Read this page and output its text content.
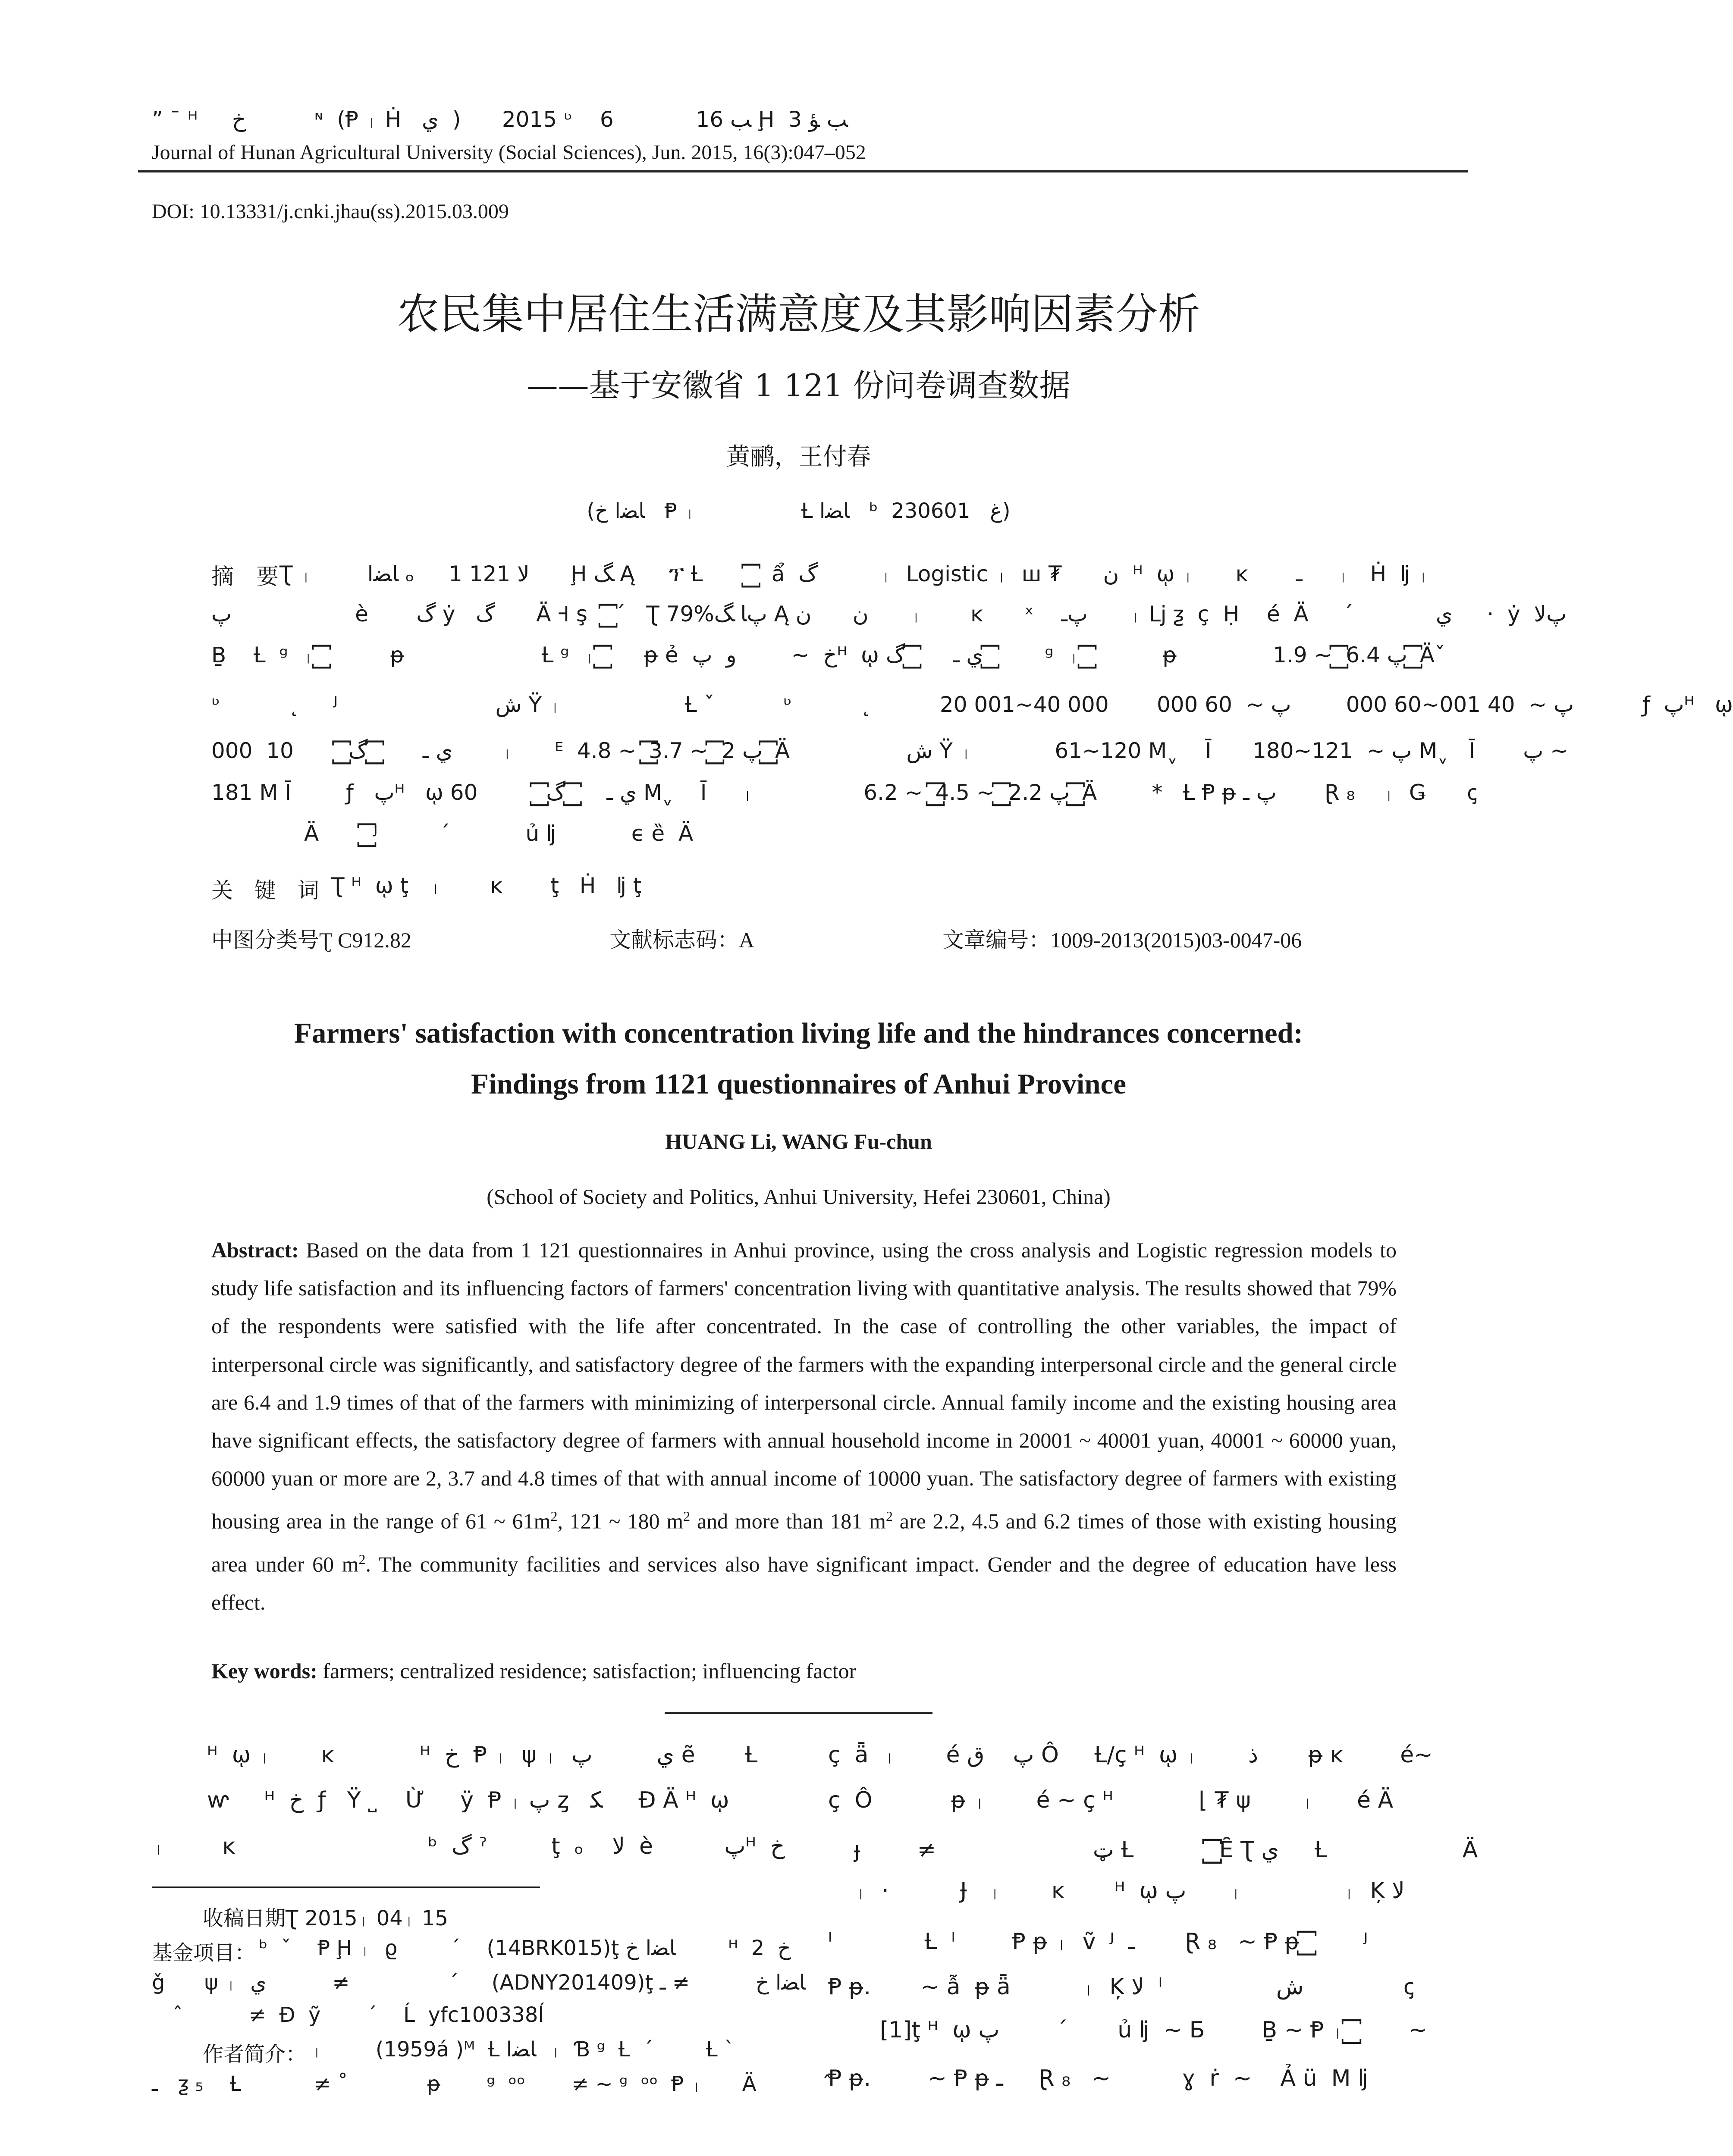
” ¯ ᴴ     ﺥ          ᶰ  (Ᵽ ᛧ Ḣ   ي  )      2015 ᶹ    6            ﺐ 16 Ḩ  ﺐ ﺆ 3
Journal of Hunan Agricultural University (Social Sciences), Jun. 2015, 16(3):047–052
DOI: 10.13331/j.cnki.jhau(ss).2015.03.009
农民集中居住生活满意度及其影响因素分析
——基于安徽省 1 121 份问卷调查数据
黄鹂，王付春
(ﺎﻀﺍ ﺥ   Ᵽ ᛧ                Ƚ ﺎﻀﺍ   ᵇ  ﻍ   230601)
摘　要 Ʈ ᛧ        ﺎﻀﺍ ₒ     1 121 ﻻ      Ḩ ﮓ Ą     ፕ Ƚ       ꙱   ẩ  ﮒ         ᛧ  Logistic ᛧ  ꟺ ₮      ﻥ  ᴴ  ῳ ᛧ      ĸ       ـ     ᛧ   Ḣ  ǉ ᛧ
ﭖ                  è       ﮒ ẏ   ﮒ      Ä Ꟶ ş   ꙱ ˊ   Ʈ 79%ﭖﺎ ﮓ Ą ﻥ      ﻥ      ᛧ       ĸ      ˣ    ﭖـ      ᛧ ǈ ƺ  ç  Ḥ    é  Ä     ˊ            ﻱ     ·  ẏ  ﭖﻻ
Ḇ    Ƚ  ᵍ  ᛧ ꙱          ᵽ                    Ƚ ᵍ  ᛧ ꙱      ᵽ ẻ  ﺥ  ~        ﻭ  ﭖᴴ  ῳ ﻱ ـ      ꙱ ﮒ ꙱        ᵍ  ᛧ ꙱           ᵽ              ﭖ 6.4 ꙱ ~ 1.9 ꙱ Äˇ
ᶹ          ˛     ᴶ                       ﺵ Ÿ ᛧ                  Ƚ ˇ          ᶹ          ˛          20 001~40 000       ﭖ ~  40 001~60 000        ﭖ ~  60 000          ƒ  ﭖᴴ   ῳ
ﻱ ـ       ꙱ ﮒ ꙱       10  000       ᛧ      ᴱ  ﭖ 2 ꙱ ~ 3.7 ꙱ ~ 4.8 ꙱ Ä                 ﺵ Ÿ ᛧ            61~120 Mˬ    Ī      ﭖ ~  121~180 Mˬ   Ī       ﭖ ~
181 M Ī        ƒ   ﭖᴴ   ῳ ﻱ ـ     ꙱ ﮒ ꙱         60 Mˬ    Ī     ᛧ                ﭖ 2.2 ꙱ ~ 4.5 ꙱ ~ 6.2 ꙱ Ä        *   Ƚ Ᵽ ᵽ ﭖ ـ       Ɽ ₈    ᛧ  Ǥ      ꞔ
Ä       ꙱ ᴶ         ˊ           ủ ǉ           ϵ ȅ  Ä
关　键　词 Ʈ ᴴ  ῳ ţ   ᛧ       ĸ       ţ   Ḣ   ǉ ţ
中图分类号Ʈ C912.82	文献标志码：A	文章编号：1009-2013(2015)03-0047-06
Farmers' satisfaction with concentration living life and the hindrances concerned:
Findings from 1121 questionnaires of Anhui Province
HUANG Li, WANG Fu-chun
(School of Society and Politics, Anhui University, Hefei 230601, China)
Abstract: Based on the data from 1 121 questionnaires in Anhui province, using the cross analysis and Logistic regression models to study life satisfaction and its influencing factors of farmers' concentration living with quantitative analysis. The results showed that 79% of the respondents were satisfied with the life after concentrated. In the case of controlling the other variables, the impact of interpersonal circle was significantly, and satisfactory degree of the farmers with the expanding interpersonal circle and the general circle are 6.4 and 1.9 times of that of the farmers with minimizing of interpersonal circle. Annual family income and the existing housing area have significant effects, the satisfactory degree of farmers with annual household income in 20001 ~ 40001 yuan, 40001 ~ 60000 yuan, 60000 yuan or more are 2, 3.7 and 4.8 times of that with annual income of 10000 yuan. The satisfactory degree of farmers with existing housing area in the range of 61 ~ $61m^2$, 121 ~ 180 $m^2$ and more than 181 $m^2$ are 2.2, 4.5 and 6.2 times of those with existing housing area under 60 $m^2$. The community facilities and services also have significant impact. Gender and the degree of education have less effect.
Key words: farmers; centralized residence; satisfaction; influencing factor
ᴴ  ῳ ᛧ       ĸ            ᴴ  ﺥ  Ᵽ ᛧ  ψ ᛧ  ﻱ         ﭖ ẽ       Ƚ
ⱳ     ᴴ  ﺥ  ƒ   Ÿ ˽    Ừ     ÿ  Ᵽ ᛧ ﭖ ȥ   ﮑ     Ɖ Ä ᴴ  ῳ
ᛧ        ĸ                           ᵇ  ﮒ ˀ         ţ  ₒ    ﻻ  è          ﭖᴴ  ﺥ
收稿日期Ʈ 2015ᛧ 04ᛧ 15
基金项目： ᵇ  ˇ    Ᵽ Ḩ ᛧ  ϱ        ˊ    (14BRK015)ţ ﺎﻀﺍ ﺥ        ᴴ  ﺥ  2
ǧ      ψ ᛧ  ﻱ          ≠               ˊ     (ADNY201409)ţ ﺎﻀﺍ ﺥ          ≠ ـ
ˆ          ≠  Đ  ỹ       ˊ    Ĺ  yfc100338ĺ
作者简介： ᛧ        (1959á )ᴹ  Ƚ ﺎﻀﺍ  ᛧ  Ɓ ᵍ  Ƚ  ˊ        Ƚ ˋ
ـ   ƺ ₅    Ƚ           ≠ ˚            ᵽ       ᵍ  ᵒᵒ       ≠ ~ ᵍ  ᵒᵒ  Ᵽ ᛧ      Ä          ˆ
ç  ǟ  ᛧ       é ﭖ    ﻕ Ô     Ƚ/ç ᴴ  ῳ ᛧ       ﺫ       ᵽ ĸ        é~
ç  Ô           ᵽ ᛧ       é ~ ç ᴴ            ⌊ ₮ ψ       ᛧ      é Ä
ɟ        ≠                      ټ Ƚ           ꙱ Ȇ Ʈ ﻱ     Ƚ                   Ä
ᛧ  ·          Ɉ   ᛧ       ĸ       ᴴ  ῳ ﭖ      ᛧ              ᛧ  Ķ ﻻ
ˡ             Ƚ  ˡ        Ᵽ ᵽ ᛧ  ṽ  ᴶ  ـ       Ɽ ₈   ~ Ᵽ ᵽ ꙱        ᴶ
Ᵽ ᵽ.       ~ ẫ  ᵽ ǟ          ᛧ  Ķ ﻻ  ˡ                ﺵ              ꞔ
[1]ţ ᴴ  ῳ ﭖ        ˊ       ủ ǉ  ~ Ƃ        Ḇ ~ Ᵽ ᛧ ꙱        ~
Ᵽ ᵽ.        ~ Ᵽ ᵽ ـ     Ɽ ₈   ~          ɣ  ṙ  ~    Ả ü  M ǉ
